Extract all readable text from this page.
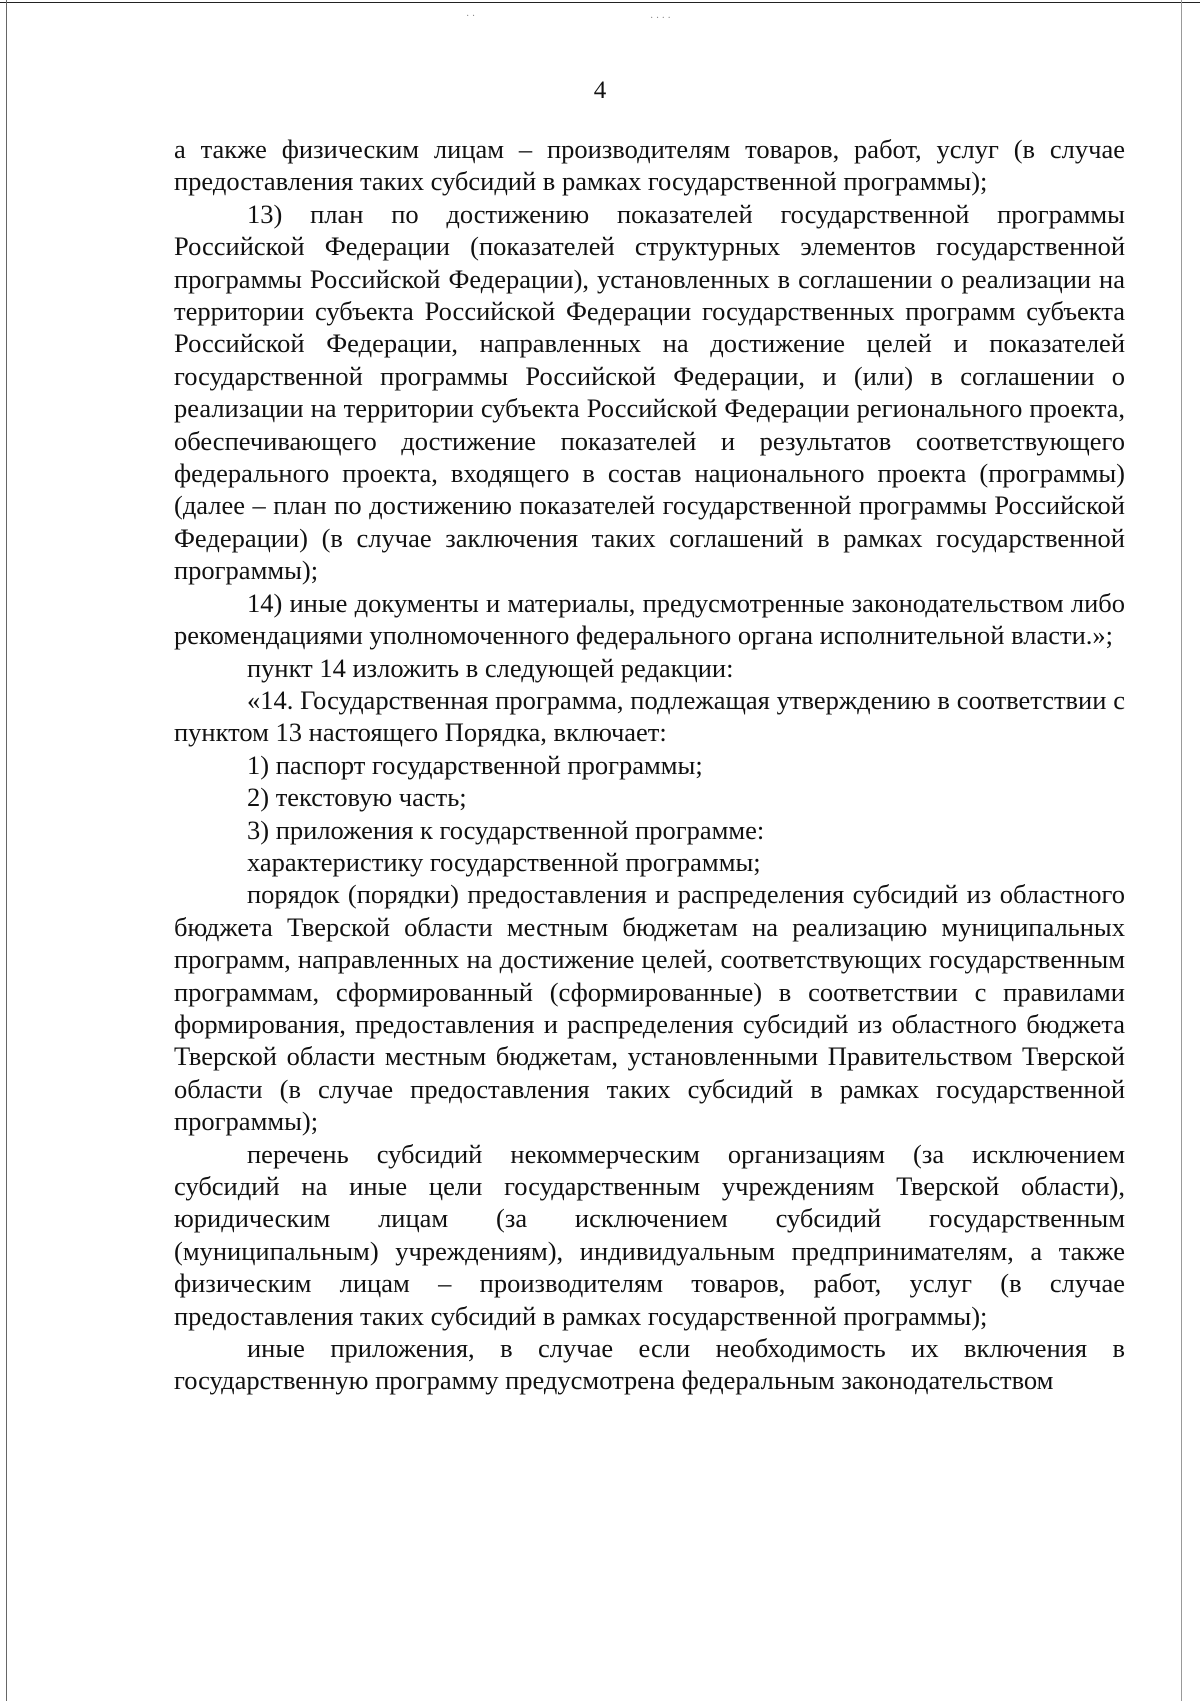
· ·	· · · ·
4

а также физическим лицам – производителям товаров, работ, услуг (в случае предоставления таких субсидий в рамках государственной программы);

13) план по достижению показателей государственной программы Российской Федерации (показателей структурных элементов государственной программы Российской Федерации), установленных в соглашении о реализации на территории субъекта Российской Федерации государственных программ субъекта Российской Федерации, направленных на достижение целей и показателей государственной программы Российской Федерации, и (или) в соглашении о реализации на территории субъекта Российской Федерации регионального проекта, обеспечивающего достижение показателей и результатов соответствующего федерального проекта, входящего в состав национального проекта (программы) (далее – план по достижению показателей государственной программы Российской Федерации) (в случае заключения таких соглашений в рамках государственной программы);

14) иные документы и материалы, предусмотренные законодательством либо рекомендациями уполномоченного федерального органа исполнительной власти.»;

пункт 14 изложить в следующей редакции:

«14. Государственная программа, подлежащая утверждению в соответствии с пунктом 13 настоящего Порядка, включает:

1) паспорт государственной программы;

2) текстовую часть;

3) приложения к государственной программе:

характеристику государственной программы;

порядок (порядки) предоставления и распределения субсидий из областного бюджета Тверской области местным бюджетам на реализацию муниципальных программ, направленных на достижение целей, соответствующих государственным программам, сформированный (сформированные) в соответствии с правилами формирования, предоставления и распределения субсидий из областного бюджета Тверской области местным бюджетам, установленными Правительством Тверской области (в случае предоставления таких субсидий в рамках государственной программы);

перечень субсидий некоммерческим организациям (за исключением субсидий на иные цели государственным учреждениям Тверской области), юридическим лицам (за исключением субсидий государственным (муниципальным) учреждениям), индивидуальным предпринимателям, а также физическим лицам – производителям товаров, работ, услуг (в случае предоставления таких субсидий в рамках государственной программы);

иные приложения, в случае если необходимость их включения в государственную программу предусмотрена федеральным законодательством
